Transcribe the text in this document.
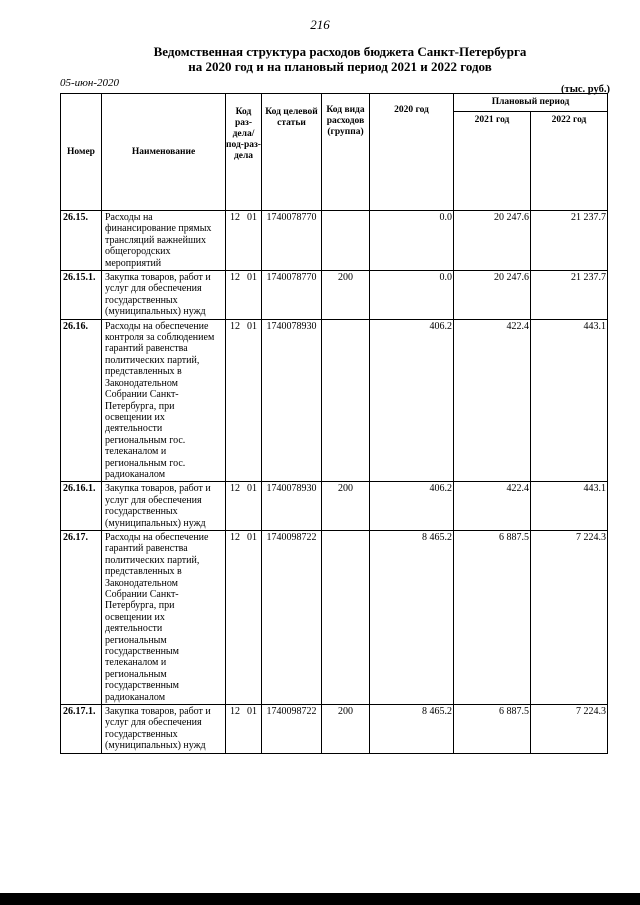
216
Ведомственная структура расходов бюджета Санкт-Петербурга
на 2020 год и на плановый период 2021 и 2022 годов
05-июн-2020
(тыс. руб.)
Номер	Наименование	Код раз-дела/ под-раз-дела	Код целевой статьи	Код вида расходов (группа)	2020 год	Плановый период	
						2021 год	2022 год
26.15.	Расходы на финансирование прямых трансляций важнейших общегородских мероприятий	12 01	1740078770		0.0	20 247.6	21 237.7
26.15.1.	Закупка товаров, работ и услуг для обеспечения государственных (муниципальных) нужд	12 01	1740078770	200	0.0	20 247.6	21 237.7
26.16.	Расходы на обеспечение контроля за соблюдением гарантий равенства политических партий, представленных в Законодательном Собрании Санкт-Петербурга, при освещении их деятельности региональным гос. телеканалом и региональным гос. радиоканалом	12 01	1740078930		406.2	422.4	443.1
26.16.1.	Закупка товаров, работ и услуг для обеспечения государственных (муниципальных) нужд	12 01	1740078930	200	406.2	422.4	443.1
26.17.	Расходы на обеспечение гарантий равенства политических партий, представленных в Законодательном Собрании Санкт-Петербурга, при освещении их деятельности региональным государственным телеканалом и региональным государственным радиоканалом	12 01	1740098722		8 465.2	6 887.5	7 224.3
26.17.1.	Закупка товаров, работ и услуг для обеспечения государственных (муниципальных) нужд	12 01	1740098722	200	8 465.2	6 887.5	7 224.3
